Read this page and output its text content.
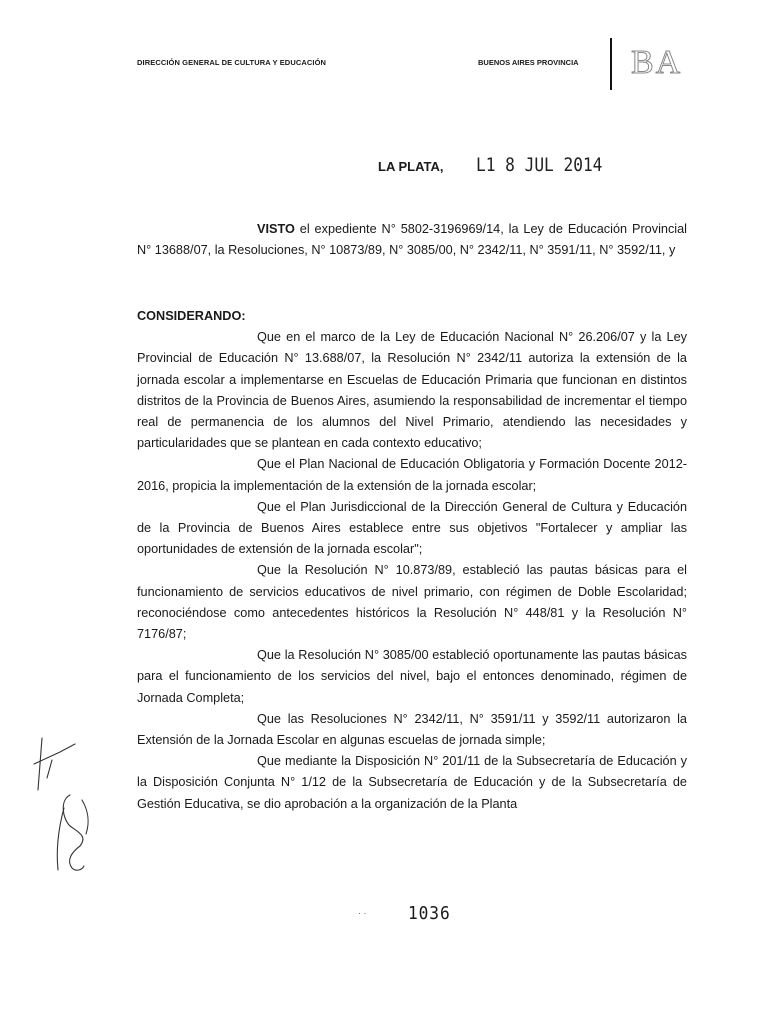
DIRECCIÓN GENERAL DE CULTURA Y EDUCACIÓN	BUENOS AIRES PROVINCIA BA
LA PLATA, L1 8 JUL 2014

VISTO el expediente N° 5802-3196969/14, la Ley de Educación Provincial N° 13688/07, la Resoluciones, N° 10873/89, N° 3085/00, N° 2342/11, N° 3591/11, N° 3592/11, y

CONSIDERANDO:

Que en el marco de la Ley de Educación Nacional N° 26.206/07 y la Ley Provincial de Educación N° 13.688/07, la Resolución N° 2342/11 autoriza la extensión de la jornada escolar a implementarse en Escuelas de Educación Primaria que funcionan en distintos distritos de la Provincia de Buenos Aires, asumiendo la responsabilidad de incrementar el tiempo real de permanencia de los alumnos del Nivel Primario, atendiendo las necesidades y particularidades que se plantean en cada contexto educativo;

Que el Plan Nacional de Educación Obligatoria y Formación Docente 2012-2016, propicia la implementación de la extensión de la jornada escolar;

Que el Plan Jurisdiccional de la Dirección General de Cultura y Educación de la Provincia de Buenos Aires establece entre sus objetivos "Fortalecer y ampliar las oportunidades de extensión de la jornada escolar";

Que la Resolución N° 10.873/89, estableció las pautas básicas para el funcionamiento de servicios educativos de nivel primario, con régimen de Doble Escolaridad; reconociéndose como antecedentes históricos la Resolución N° 448/81 y la Resolución N° 7176/87;

Que la Resolución N° 3085/00 estableció oportunamente las pautas básicas para el funcionamiento de los servicios del nivel, bajo el entonces denominado, régimen de Jornada Completa;

Que las Resoluciones N° 2342/11, N° 3591/11 y 3592/11 autorizaron la Extensión de la Jornada Escolar en algunas escuelas de jornada simple;

Que mediante la Disposición N° 201/11 de la Subsecretaría de Educación y la Disposición Conjunta N° 1/12 de la Subsecretaría de Educación y de la Subsecretaría de Gestión Educativa, se dio aprobación a la organización de la Planta

· · 1036
